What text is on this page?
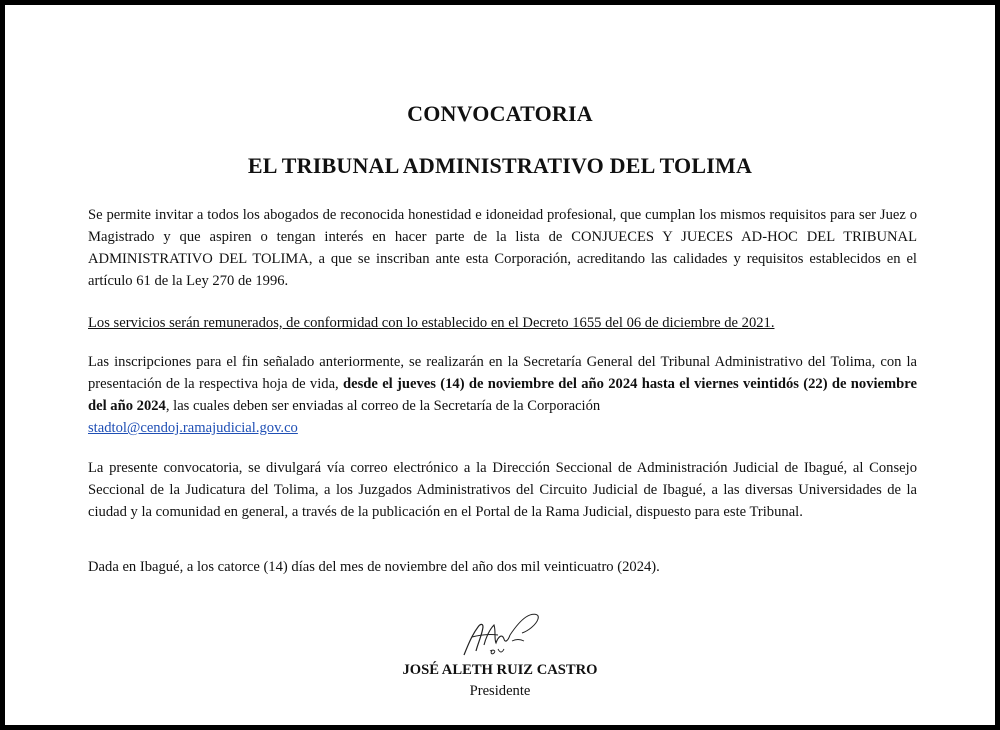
CONVOCATORIA
EL TRIBUNAL ADMINISTRATIVO DEL TOLIMA

Se permite invitar a todos los abogados de reconocida honestidad e idoneidad profesional, que cumplan los mismos requisitos para ser Juez o Magistrado y que aspiren o tengan interés en hacer parte de la lista de CONJUECES Y JUECES AD-HOC DEL TRIBUNAL ADMINISTRATIVO DEL TOLIMA, a que se inscriban ante esta Corporación, acreditando las calidades y requisitos establecidos en el artículo 61 de la Ley 270 de 1996.

Los servicios serán remunerados, de conformidad con lo establecido en el Decreto 1655 del 06 de diciembre de 2021.

Las inscripciones para el fin señalado anteriormente, se realizarán en la Secretaría General del Tribunal Administrativo del Tolima, con la presentación de la respectiva hoja de vida, desde el jueves (14) de noviembre del año 2024 hasta el viernes veintidós (22) de noviembre del año 2024, las cuales deben ser enviadas al correo de la Secretaría de la Corporación
stadtol@cendoj.ramajudicial.gov.co

La presente convocatoria, se divulgará vía correo electrónico a la Dirección Seccional de Administración Judicial de Ibagué, al Consejo Seccional de la Judicatura del Tolima, a los Juzgados Administrativos del Circuito Judicial de Ibagué, a las diversas Universidades de la ciudad y la comunidad en general, a través de la publicación en el Portal de la Rama Judicial, dispuesto para este Tribunal.

Dada en Ibagué, a los catorce (14) días del mes de noviembre del año dos mil veinticuatro (2024).

JOSÉ ALETH RUIZ CASTRO
Presidente
